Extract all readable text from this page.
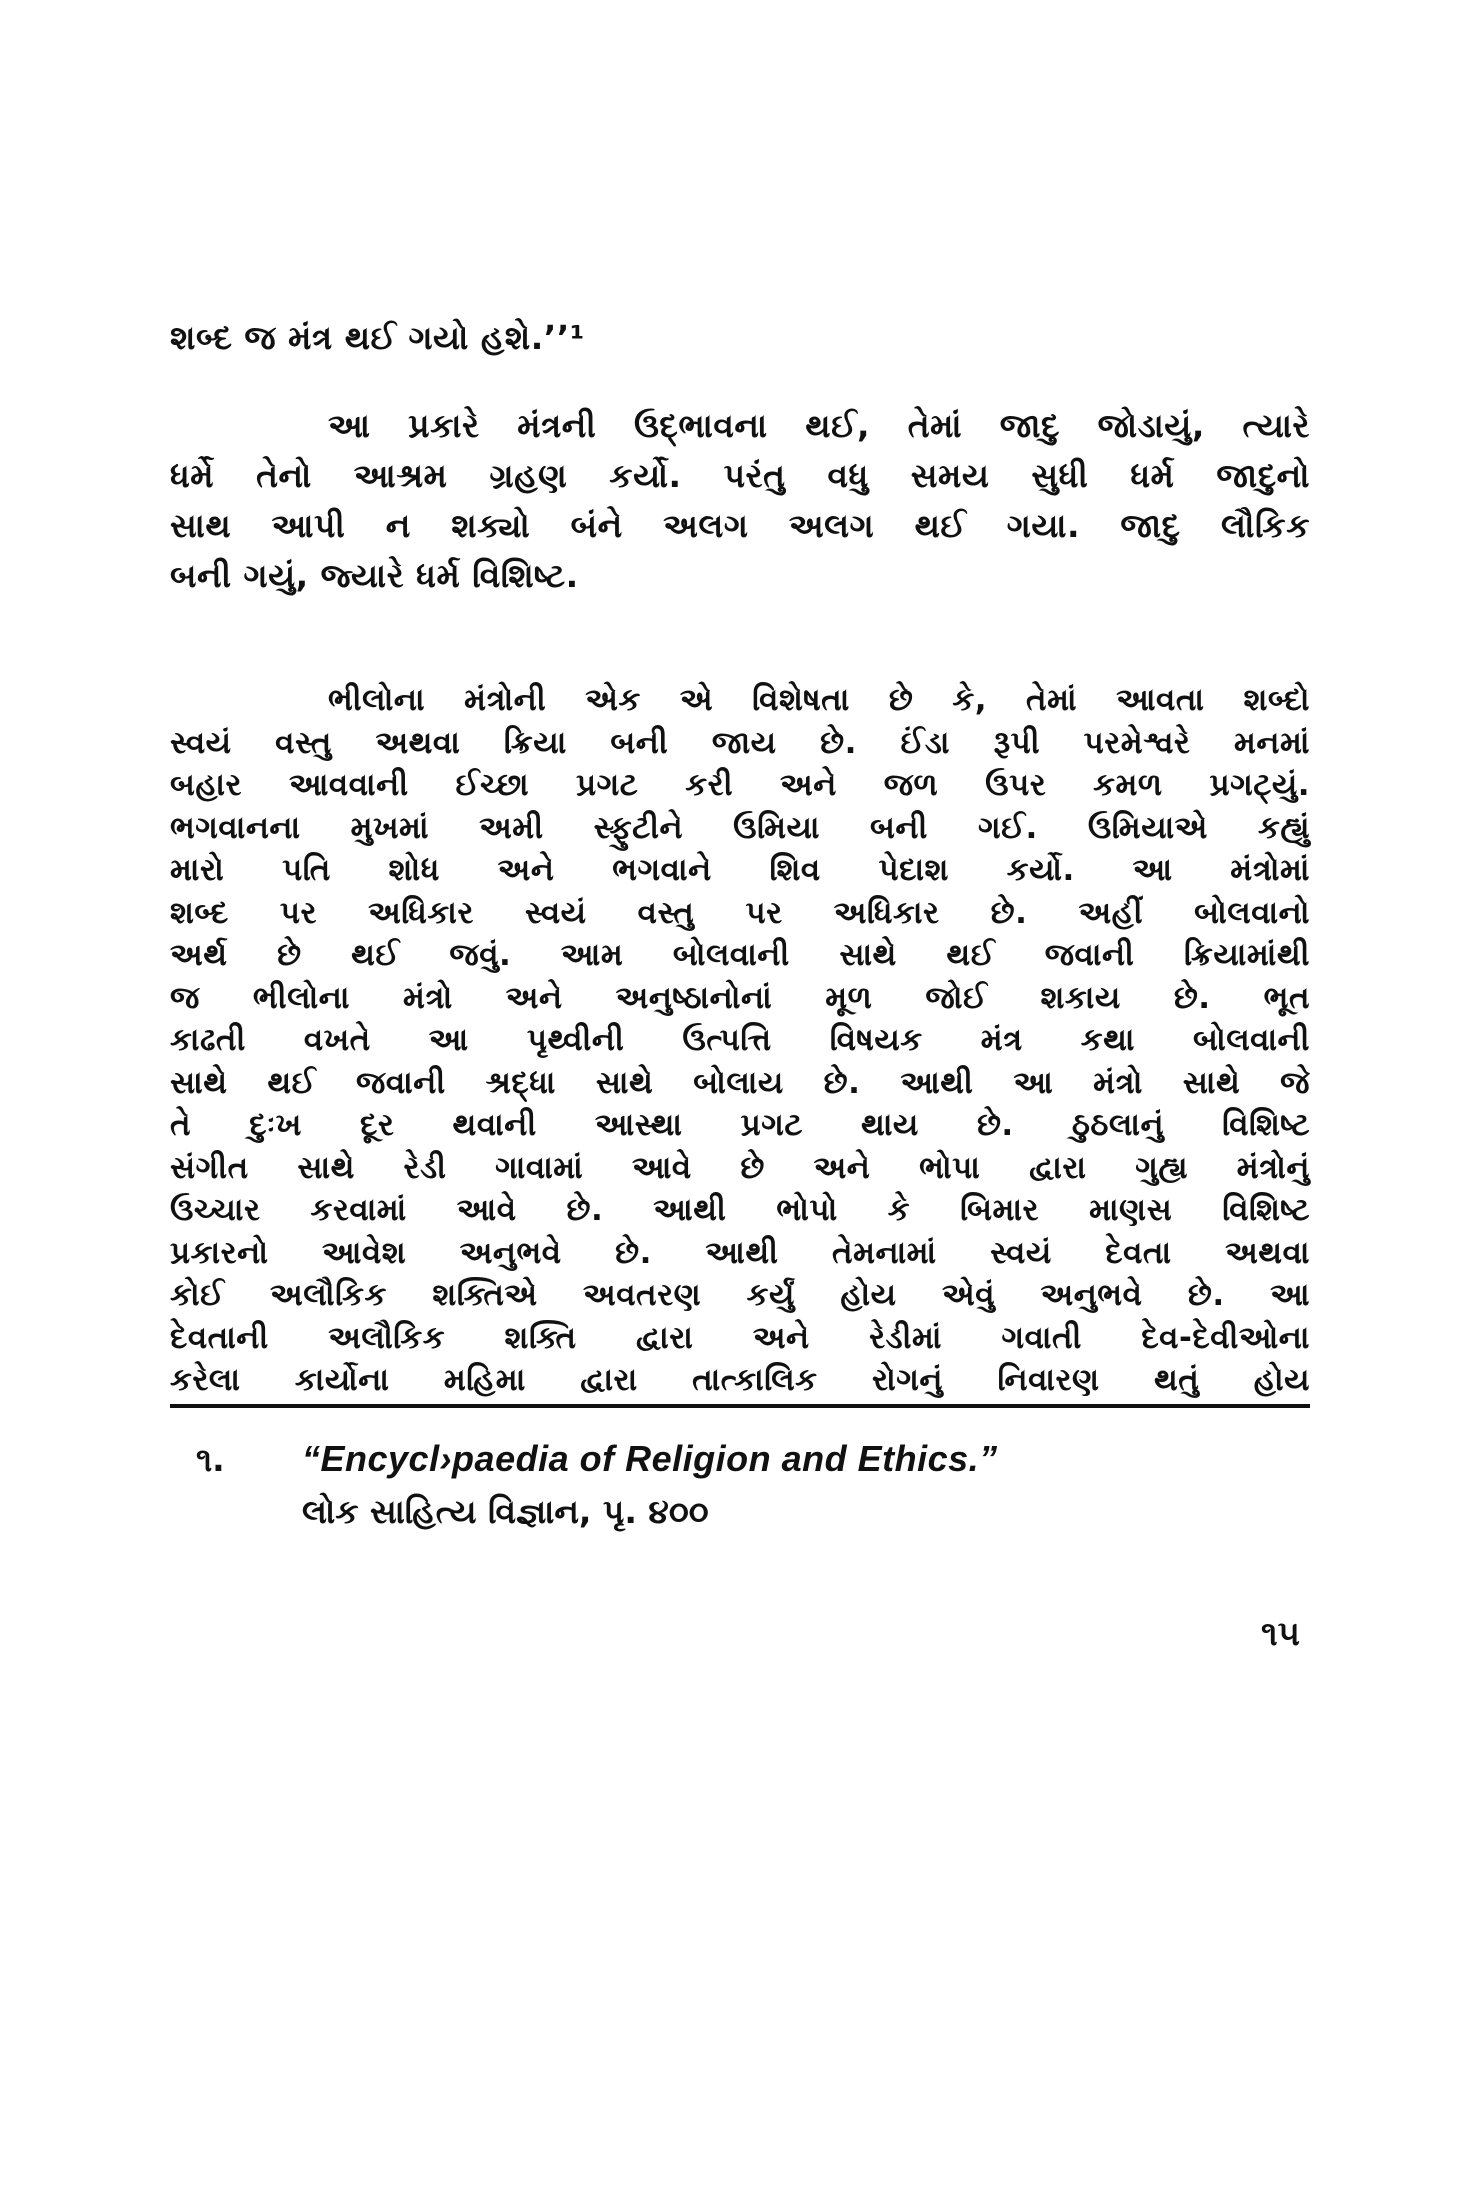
શબ્દ જ મંત્ર થઈ ગયો હશે.’’¹
આ પ્રકારે મંત્રની ઉદ્‌ભાવના થઈ, તેમાં જાદુ જોડાયું, ત્યારે
ધર્મે તેનો આશ્રમ ગ્રહણ કર્યો. પરંતુ વધુ સમય સુધી ધર્મ જાદુનો
સાથ આપી ન શક્યો બંને અલગ અલગ થઈ ગયા. જાદુ લૌકિક
બની ગયું, જ્યારે ધર્મ વિશિષ્ટ.
ભીલોના મંત્રોની એક એ વિશેષતા છે કે, તેમાં આવતા શબ્દો
સ્વયં વસ્તુ અથવા ક્રિયા બની જાય છે. ઈંડા રૂપી પરમેશ્વરે મનમાં
બહાર આવવાની ઈચ્છા પ્રગટ કરી અને જળ ઉપર કમળ પ્રગટ્યું.
ભગવાનના મુખમાં અમી સ્ફુટીને ઉમિયા બની ગઈ. ઉમિયાએ કહ્યું
મારો પતિ શોધ અને ભગવાને શિવ પેદાશ કર્યો. આ મંત્રોમાં
શબ્દ પર અધિકાર સ્વયં વસ્તુ પર અધિકાર છે. અહીં બોલવાનો
અર્થ છે થઈ જવું. આમ બોલવાની સાથે થઈ જવાની ક્રિયામાંથી
જ ભીલોના મંત્રો અને અનુષ્ઠાનોનાં મૂળ જોઈ શકાય છે. ભૂત
કાઢતી વખતે આ પૃથ્વીની ઉત્પત્તિ વિષયક મંત્ર કથા બોલવાની
સાથે થઈ જવાની શ્રદ્ધા સાથે બોલાય છે. આથી આ મંત્રો સાથે જે
તે દુઃખ દૂર થવાની આસ્થા પ્રગટ થાય છે. ઠુઠલાનું વિશિષ્ટ
સંગીત સાથે રેડી ગાવામાં આવે છે અને ભોપા દ્વારા ગુહ્ય મંત્રોનું
ઉચ્ચાર કરવામાં આવે છે. આથી ભોપો કે બિમાર માણસ વિશિષ્ટ
પ્રકારનો આવેશ અનુભવે છે. આથી તેમનામાં સ્વયં દેવતા અથવા
કોઈ અલૌકિક શક્તિએ અવતરણ કર્યું હોય એવું અનુભવે છે. આ
દેવતાની અલૌકિક શક્તિ દ્વારા અને રેડીમાં ગવાતી દેવ-દેવીઓના
કરેલા કાર્યોના મહિમા દ્વારા તાત્કાલિક રોગનું નિવારણ થતું હોય
૧. “Encycl›paedia of Religion and Ethics.”
લોક સાહિત્ય વિજ્ઞાન, પૃ. ૪૦૦
૧૫
